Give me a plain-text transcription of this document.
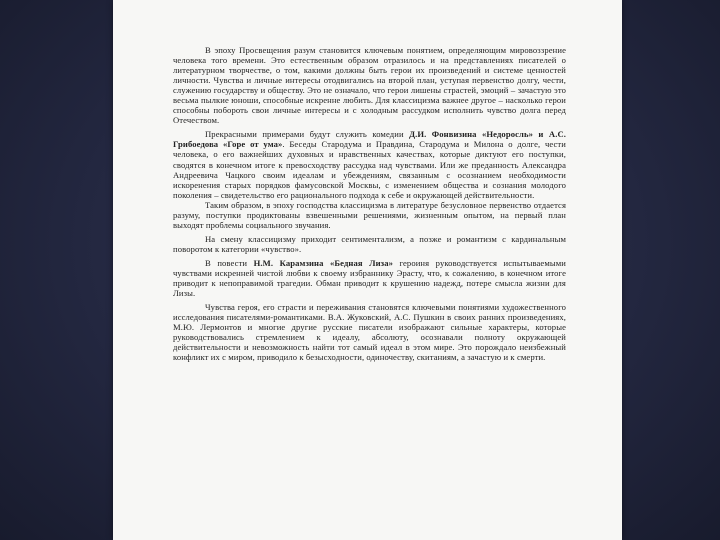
В эпоху Просвещения разум становится ключевым понятием, определяющим мировоззрение человека того времени. Это естественным образом отразилось и на представлениях писателей о литературном творчестве, о том, какими должны быть герои их произведений и системе ценностей личности. Чувства и личные интересы отодвигались на второй план, уступая первенство долгу, чести, служению государству и обществу. Это не означало, что герои лишены страстей, эмоций – зачастую это весьма пылкие юноши, способные искренне любить. Для классицизма важнее другое – насколько герои способны побороть свои личные интересы и с холодным рассудком исполнить чувство долга перед Отечеством.

Прекрасными примерами будут служить комедии Д.И. Фонвизина «Недоросль» и А.С. Грибоедова «Горе от ума». Беседы Стародума и Правдина, Стародума и Милона о долге, чести человека, о его важнейших духовных и нравственных качествах, которые диктуют его поступки, сводятся в конечном итоге к превосходству рассудка над чувствами. Или же преданность Александра Андреевича Чацкого своим идеалам и убеждениям, связанным с осознанием необходимости искоренения старых порядков фамусовской Москвы, с изменением общества и сознания молодого поколения – свидетельство его рационального подхода к себе и окружающей действительности.

Таким образом, в эпоху господства классицизма в литературе безусловное первенство отдается разуму, поступки продиктованы взвешенными решениями, жизненным опытом, на первый план выходят проблемы социального звучания.

На смену классицизму приходит сентиментализм, а позже и романтизм с кардинальным поворотом к категории «чувство».

В повести Н.М. Карамзина «Бедная Лиза» героиня руководствуется испытываемыми чувствами искренней чистой любви к своему избраннику Эрасту, что, к сожалению, в конечном итоге приводит к непоправимой трагедии. Обман приводит к крушению надежд, потере смысла жизни для Лизы.

Чувства героя, его страсти и переживания становятся ключевыми понятиями художественного исследования писателями-романтиками. В.А. Жуковский, А.С. Пушкин в своих ранних произведениях, М.Ю. Лермонтов и многие другие русские писатели изображают сильные характеры, которые руководствовались стремлением к идеалу, абсолюту, осознавали полноту окружающей действительности и невозможность найти тот самый идеал в этом мире. Это порождало неизбежный конфликт их с миром, приводило к безысходности, одиночеству, скитаниям, а зачастую и к смерти.
